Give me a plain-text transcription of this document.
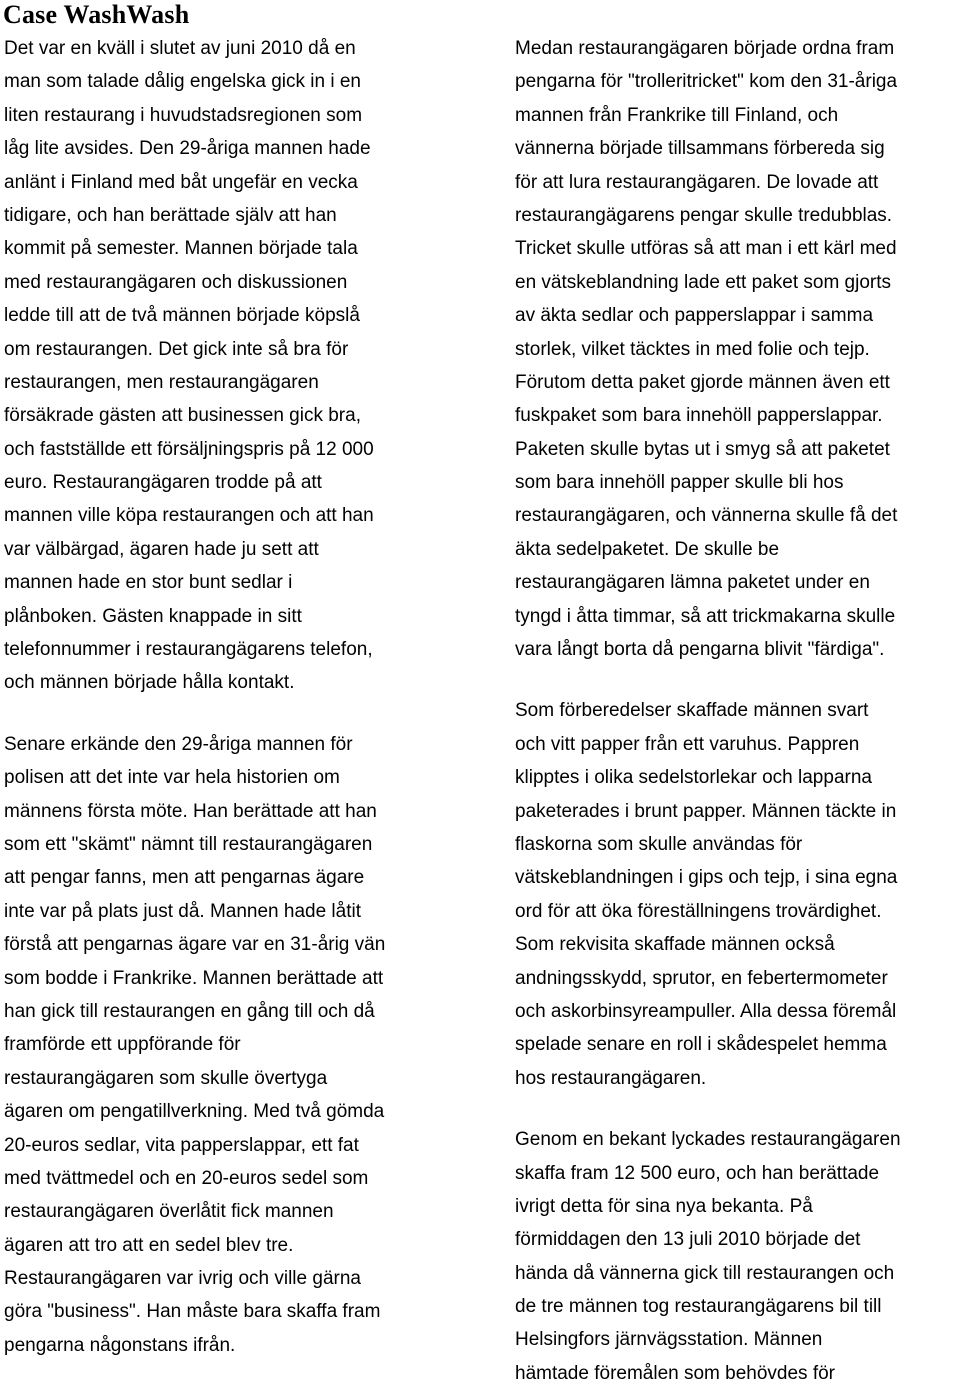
Case WashWash
Det var en kväll i slutet av juni 2010 då en
man som talade dålig engelska gick in i en
liten restaurang i huvudstadsregionen som
låg lite avsides. Den 29-åriga mannen hade
anlänt i Finland med båt ungefär en vecka
tidigare, och han berättade själv att han
kommit på semester. Mannen började tala
med restaurangägaren och diskussionen
ledde till att de två männen började köpslå
om restaurangen. Det gick inte så bra för
restaurangen, men restaurangägaren
försäkrade gästen att businessen gick bra,
och fastställde ett försäljningspris på 12 000
euro. Restaurangägaren trodde på att
mannen ville köpa restaurangen och att han
var välbärgad, ägaren hade ju sett att
mannen hade en stor bunt sedlar i
plånboken. Gästen knappade in sitt
telefonnummer i restaurangägarens telefon,
och männen började hålla kontakt.
Senare erkände den 29-åriga mannen för
polisen att det inte var hela historien om
männens första möte. Han berättade att han
som ett "skämt" nämnt till restaurangägaren
att pengar fanns, men att pengarnas ägare
inte var på plats just då. Mannen hade låtit
förstå att pengarnas ägare var en 31-årig vän
som bodde i Frankrike. Mannen berättade att
han gick till restaurangen en gång till och då
framförde ett uppförande för
restaurangägaren som skulle övertyga
ägaren om pengatillverkning. Med två gömda
20-euros sedlar, vita papperslappar, ett fat
med tvättmedel och en 20-euros sedel som
restaurangägaren överlåtit fick mannen
ägaren att tro att en sedel blev tre.
Restaurangägaren var ivrig och ville gärna
göra "business". Han måste bara skaffa fram
pengarna någonstans ifrån.
Medan restaurangägaren började ordna fram
pengarna för "trolleritricket" kom den 31-åriga
mannen från Frankrike till Finland, och
vännerna började tillsammans förbereda sig
för att lura restaurangägaren. De lovade att
restaurangägarens pengar skulle tredubblas.
Tricket skulle utföras så att man i ett kärl med
en vätskeblandning lade ett paket som gjorts
av äkta sedlar och papperslappar i samma
storlek, vilket täcktes in med folie och tejp.
Förutom detta paket gjorde männen även ett
fuskpaket som bara innehöll papperslappar.
Paketen skulle bytas ut i smyg så att paketet
som bara innehöll papper skulle bli hos
restaurangägaren, och vännerna skulle få det
äkta sedelpaketet. De skulle be
restaurangägaren lämna paketet under en
tyngd i åtta timmar, så att trickmakarna skulle
vara långt borta då pengarna blivit "färdiga".
Som förberedelser skaffade männen svart
och vitt papper från ett varuhus. Pappren
klipptes i olika sedelstorlekar och lapparna
paketerades i brunt papper. Männen täckte in
flaskorna som skulle användas för
vätskeblandningen i gips och tejp, i sina egna
ord för att öka föreställningens trovärdighet.
Som rekvisita skaffade männen också
andningsskydd, sprutor, en febertermometer
och askorbinsyreampuller. Alla dessa föremål
spelade senare en roll i skådespelet hemma
hos restaurangägaren.
Genom en bekant lyckades restaurangägaren
skaffa fram 12 500 euro, och han berättade
ivrigt detta för sina nya bekanta. På
förmiddagen den 13 juli 2010 började det
hända då vännerna gick till restaurangen och
de tre männen tog restaurangägarens bil till
Helsingfors järnvägsstation. Männen
hämtade föremålen som behövdes för
